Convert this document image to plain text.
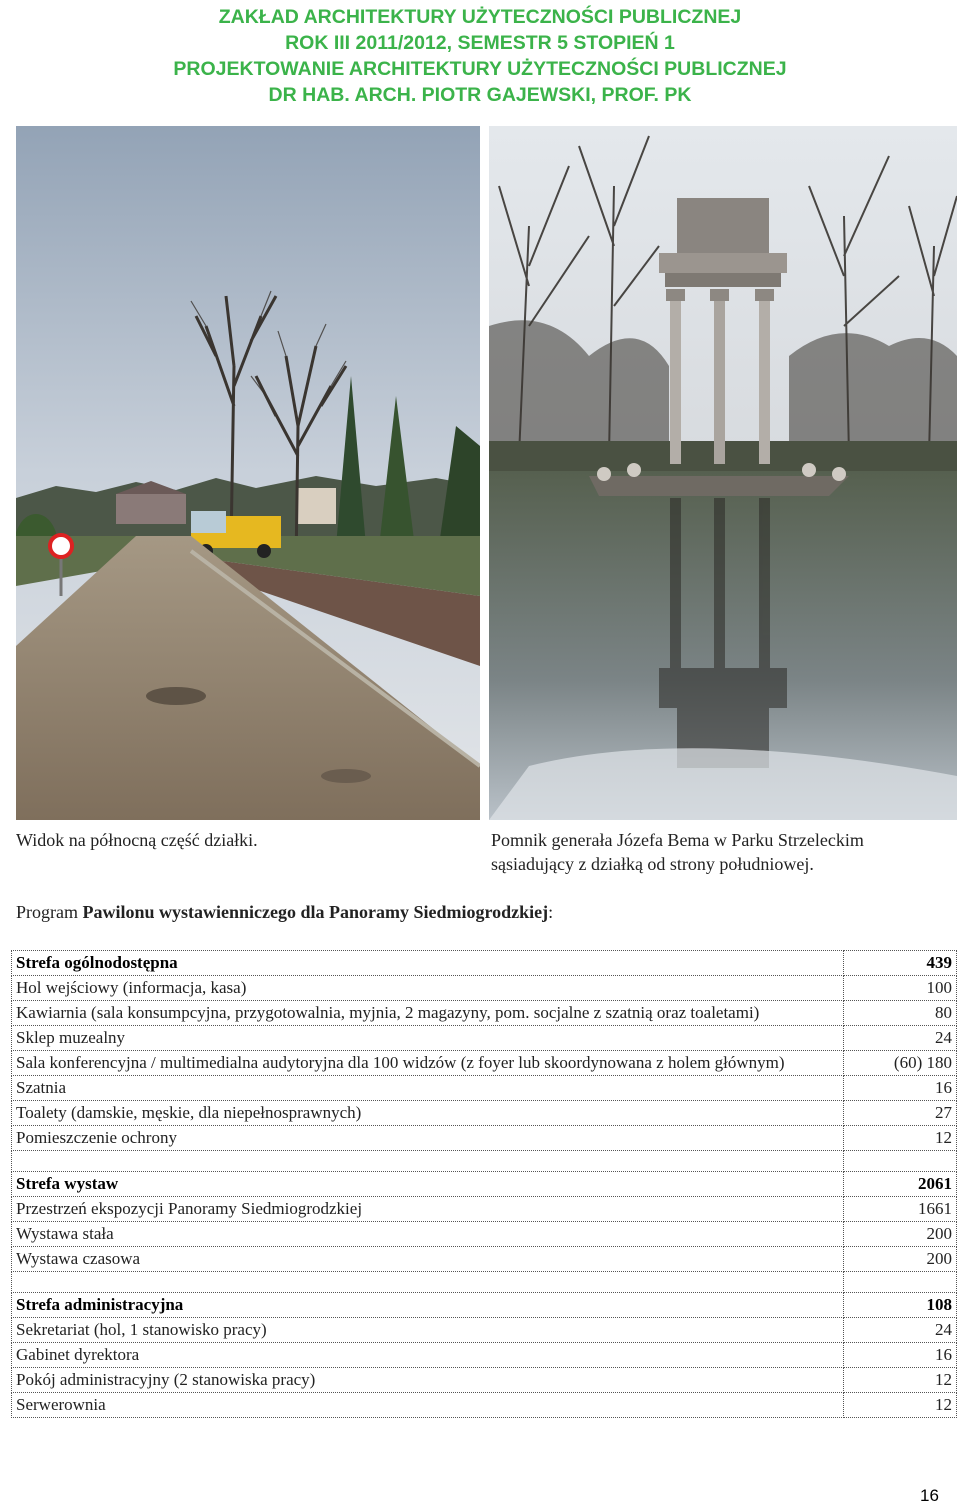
ZAKŁAD ARCHITEKTURY UŻYTECZNOŚCI PUBLICZNEJ
ROK III 2011/2012, SEMESTR 5 STOPIEŃ 1
PROJEKTOWANIE ARCHITEKTURY UŻYTECZNOŚCI PUBLICZNEJ
DR HAB. ARCH. PIOTR GAJEWSKI, PROF. PK
Widok na północną część działki.	Pomnik generała Józefa Bema w Parku Strzeleckim sąsiadujący z działką od strony południowej.
Program Pawilonu wystawienniczego dla Panoramy Siedmiogrodzkiej:
Strefa ogólnodostępna	439
Hol wejściowy (informacja, kasa)	100
Kawiarnia (sala konsumpcyjna, przygotowalnia, myjnia, 2 magazyny, pom. socjalne z szatnią oraz toaletami)	80
Sklep muzealny	24
Sala konferencyjna / multimedialna audytoryjna dla 100 widzów (z foyer lub skoordynowana z holem głównym)	(60) 180
Szatnia	16
Toalety (damskie, męskie, dla niepełnosprawnych)	27
Pomieszczenie ochrony	12

Strefa wystaw	2061
Przestrzeń ekspozycji Panoramy Siedmiogrodzkiej	1661
Wystawa stała	200
Wystawa czasowa	200

Strefa administracyjna	108
Sekretariat (hol, 1 stanowisko pracy)	24
Gabinet dyrektora	16
Pokój administracyjny (2 stanowiska pracy)	12
Serwerownia	12
16
